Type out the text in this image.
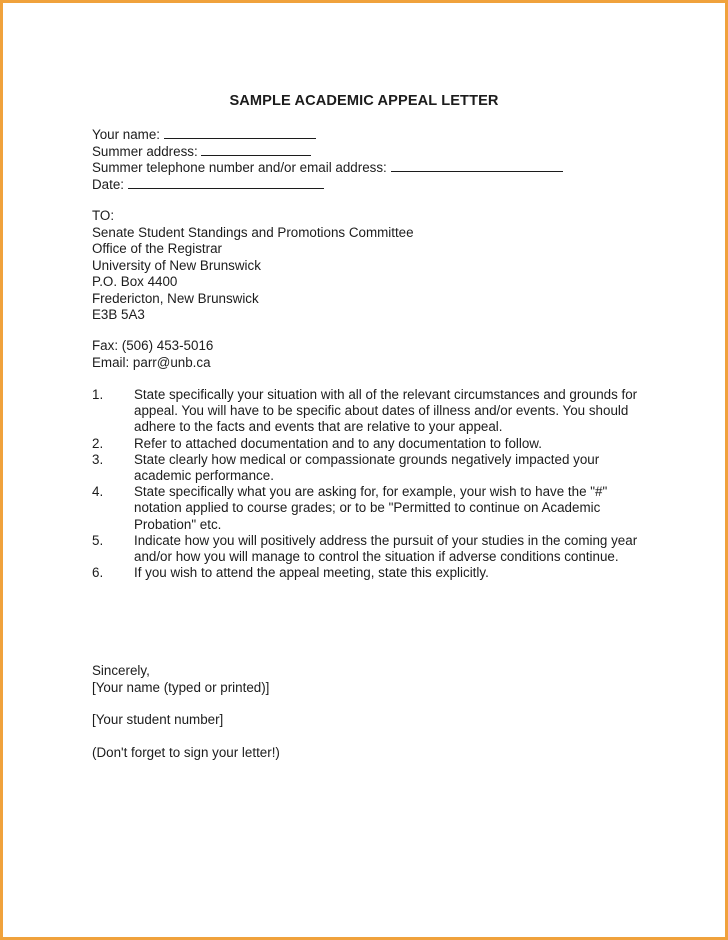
SAMPLE ACADEMIC APPEAL LETTER
Your name:
Summer address:
Summer telephone number and/or email address:
Date:
TO:
Senate Student Standings and Promotions Committee
Office of the Registrar
University of New Brunswick
P.O. Box 4400
Fredericton, New Brunswick
E3B 5A3
Fax: (506) 453-5016
Email: parr@unb.ca
1. State specifically your situation with all of the relevant circumstances and grounds for appeal. You will have to be specific about dates of illness and/or events. You should adhere to the facts and events that are relative to your appeal.
2. Refer to attached documentation and to any documentation to follow.
3. State clearly how medical or compassionate grounds negatively impacted your academic performance.
4. State specifically what you are asking for, for example, your wish to have the "#" notation applied to course grades; or to be "Permitted to continue on Academic Probation" etc.
5. Indicate how you will positively address the pursuit of your studies in the coming year and/or how you will manage to control the situation if adverse conditions continue.
6. If you wish to attend the appeal meeting, state this explicitly.
Sincerely,
[Your name (typed or printed)]
[Your student number]
(Don't forget to sign your letter!)
